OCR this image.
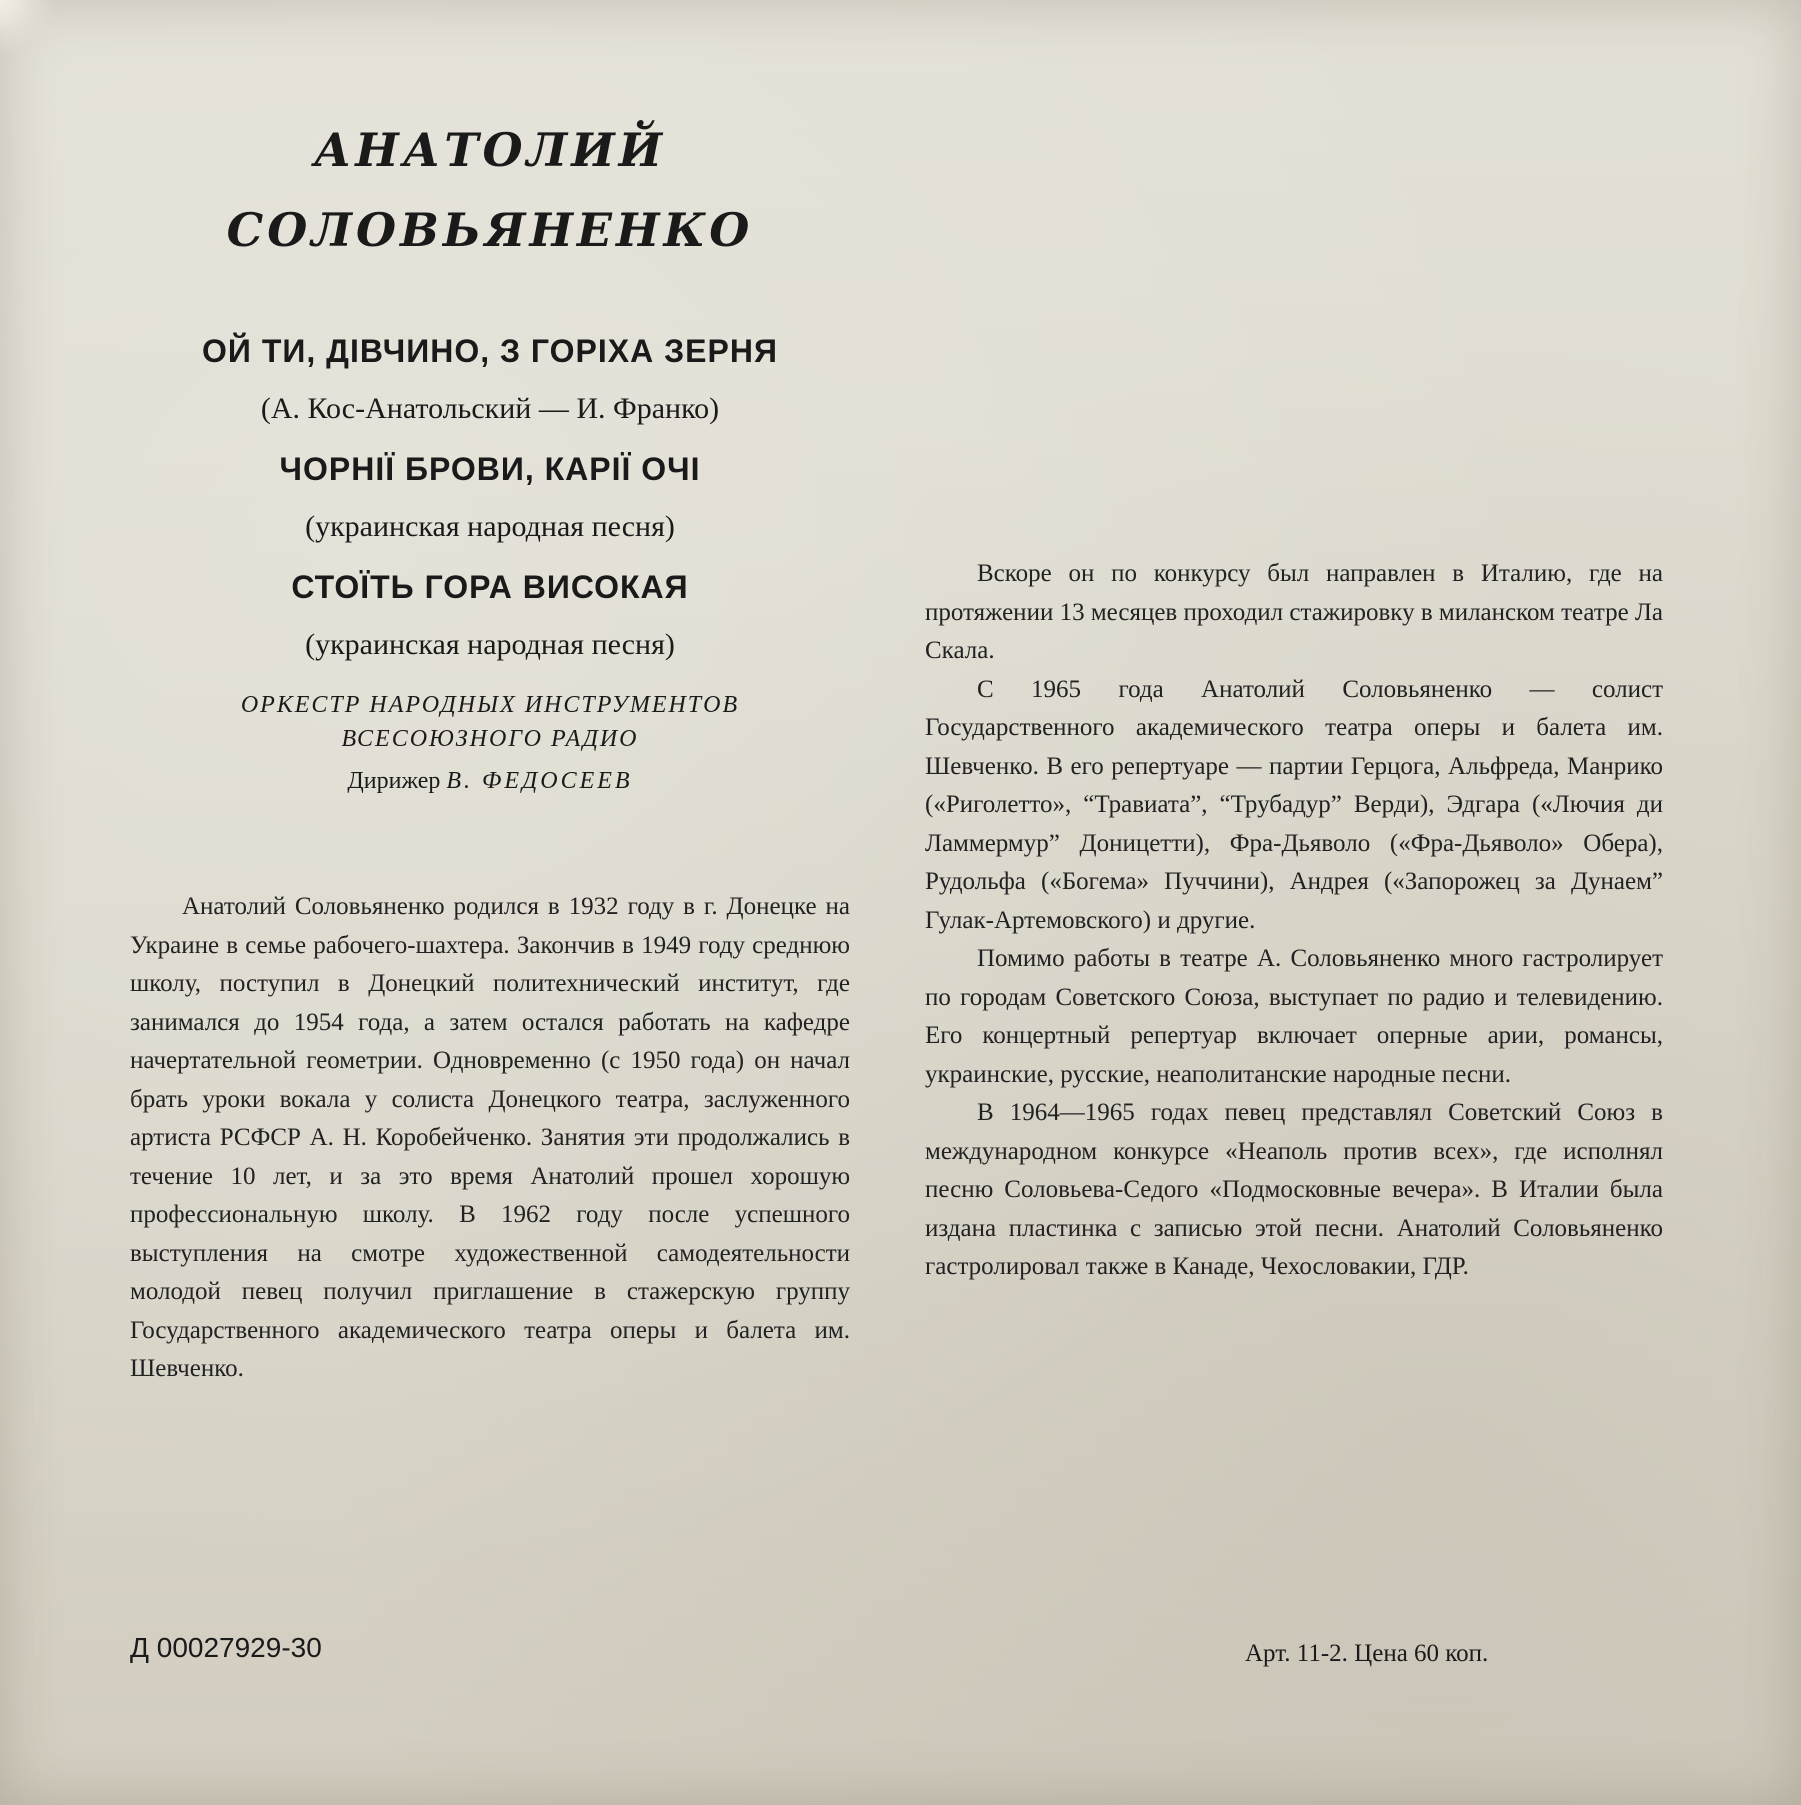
АНАТОЛИЙ СОЛОВЬЯНЕНКО

ОЙ ТИ, ДІВЧИНО, З ГОРІХА ЗЕРНЯ

(А. Кос-Анатольский — И. Франко)

ЧОРНІЇ БРОВИ, КАРІЇ ОЧІ

(украинская народная песня)

СТОЇТЬ ГОРА ВИСОКАЯ

(украинская народная песня)

ОРКЕСТР НАРОДНЫХ ИНСТРУМЕНТОВ

ВСЕСОЮЗНОГО РАДИО

Дирижер В. ФЕДОСЕЕВ

Анатолий Соловьяненко родился в 1932 году в г. Донецке на Украине в семье рабочего-шахтера. Закончив в 1949 году среднюю школу, поступил в Донецкий политехнический институт, где занимался до 1954 года, а затем остался работать на кафедре начертательной геометрии. Одновременно (с 1950 года) он начал брать уроки вокала у солиста Донецкого театра, заслуженного артиста РСФСР А. Н. Коробейченко. Занятия эти продолжались в течение 10 лет, и за это время Анатолий прошел хорошую профессиональную школу. В 1962 году после успешного выступления на смотре художественной самодеятельности молодой певец получил приглашение в стажерскую группу Государственного академического театра оперы и балета им. Шевченко.

Вскоре он по конкурсу был направлен в Италию, где на протяжении 13 месяцев проходил стажировку в миланском театре Ла Скала.

С 1965 года Анатолий Соловьяненко — солист Государственного академического театра оперы и балета им. Шевченко. В его репертуаре — партии Герцога, Альфреда, Манрико («Риголетто», “Травиата”, “Трубадур” Верди), Эдгара («Лючия ди Ламмермур” Доницетти), Фра-Дьяволо («Фра-Дьяволо» Обера), Рудольфа («Богема» Пуччини), Андрея («Запорожец за Дунаем” Гулак-Артемовского) и другие.

Помимо работы в театре А. Соловьяненко много гастролирует по городам Советского Союза, выступает по радио и телевидению. Его концертный репертуар включает оперные арии, романсы, украинские, русские, неаполитанские народные песни.

В 1964—1965 годах певец представлял Советский Союз в международном конкурсе «Неаполь против всех», где исполнял песню Соловьева-Седого «Подмосковные вечера». В Италии была издана пластинка с записью этой песни. Анатолий Соловьяненко гастролировал также в Канаде, Чехословакии, ГДР.

Д 00027929-30	Арт. 11-2. Цена 60 коп.
